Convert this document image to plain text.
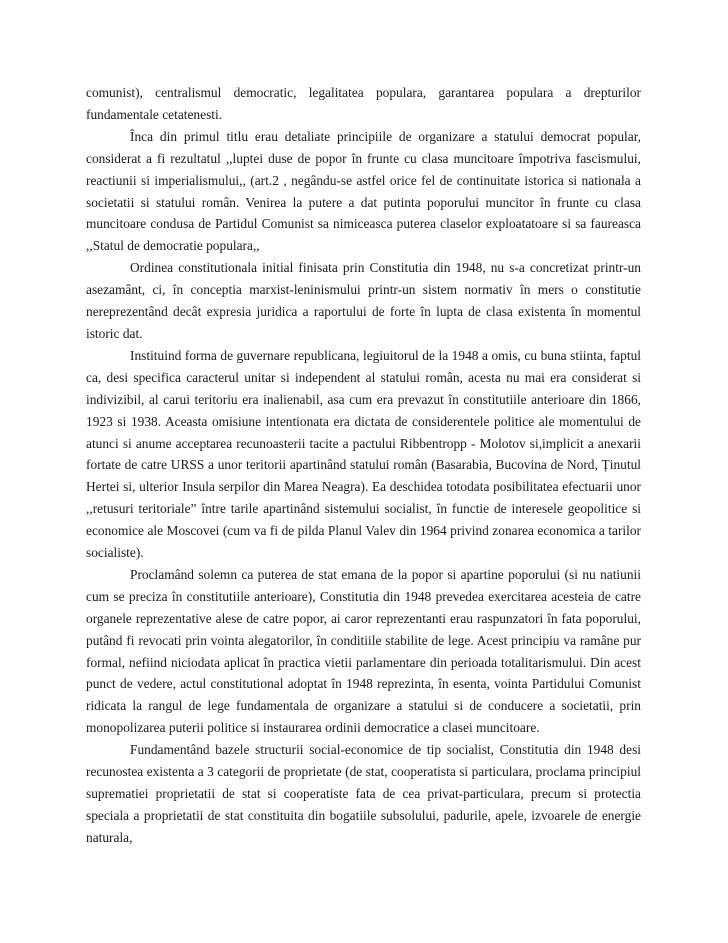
comunist), centralismul democratic, legalitatea populara, garantarea populara a drepturilor fundamentale cetatenesti.

Înca din primul titlu erau detaliate principiile de organizare a statului democrat popular, considerat a fi rezultatul ,,luptei duse de popor în frunte cu clasa muncitoare împotriva fascismului, reactiunii si imperialismului,, (art.2 , negându-se astfel orice fel de continuitate istorica si nationala a societatii si statului român. Venirea la putere a dat putinta poporului muncitor în frunte cu clasa muncitoare condusa de Partidul Comunist sa nimiceasca puterea claselor exploatatoare si sa faureasca ,,Statul de democratie populara,,

Ordinea constitutionala initial finisata prin Constitutia din 1948, nu s-a concretizat printr-un asezamânt, ci, în conceptia marxist-leninismului printr-un sistem normativ în mers o constitutie nereprezentând decât expresia juridica a raportului de forte în lupta de clasa existenta în momentul istoric dat.

Instituind forma de guvernare republicana, legiuitorul de la 1948 a omis, cu buna stiinta, faptul ca, desi specifica caracterul unitar si independent al statului român, acesta nu mai era considerat si indivizibil, al carui teritoriu era inalienabil, asa cum era prevazut în constitutiile anterioare din 1866, 1923 si 1938. Aceasta omisiune intentionata era dictata de considerentele politice ale momentului de atunci si anume acceptarea recunoasterii tacite a pactului Ribbentropp - Molotov si,implicit a anexarii fortate de catre URSS a unor teritorii apartinând statului român (Basarabia, Bucovina de Nord, Ținutul Hertei si, ulterior Insula serpilor din Marea Neagra). Ea deschidea totodata posibilitatea efectuarii unor ,,retusuri teritoriale” între tarile apartinând sistemului socialist, în functie de interesele geopolitice si economice ale Moscovei (cum va fi de pilda Planul Valev din 1964 privind zonarea economica a tarilor socialiste).

Proclamând solemn ca puterea de stat emana de la popor si apartine poporului (si nu natiunii cum se preciza în constitutiile anterioare), Constitutia din 1948 prevedea exercitarea acesteia de catre organele reprezentative alese de catre popor, ai caror reprezentanti erau raspunzatori în fata poporului, putând fi revocati prin vointa alegatorilor, în conditiile stabilite de lege. Acest principiu va ramâne pur formal, nefiind niciodata aplicat în practica vietii parlamentare din perioada totalitarismului. Din acest punct de vedere, actul constitutional adoptat în 1948 reprezinta, în esenta, vointa Partidului Comunist ridicata la rangul de lege fundamentala de organizare a statului si de conducere a societatii, prin monopolizarea puterii politice si instaurarea ordinii democratice a clasei muncitoare.

Fundamentând bazele structurii social-economice de tip socialist, Constitutia din 1948 desi recunostea existenta a 3 categorii de proprietate (de stat, cooperatista si particulara, proclama principiul suprematiei proprietatii de stat si cooperatiste fata de cea privat-particulara, precum si protectia speciala a proprietatii de stat constituita din bogatiile subsolului, padurile, apele, izvoarele de energie naturala,
